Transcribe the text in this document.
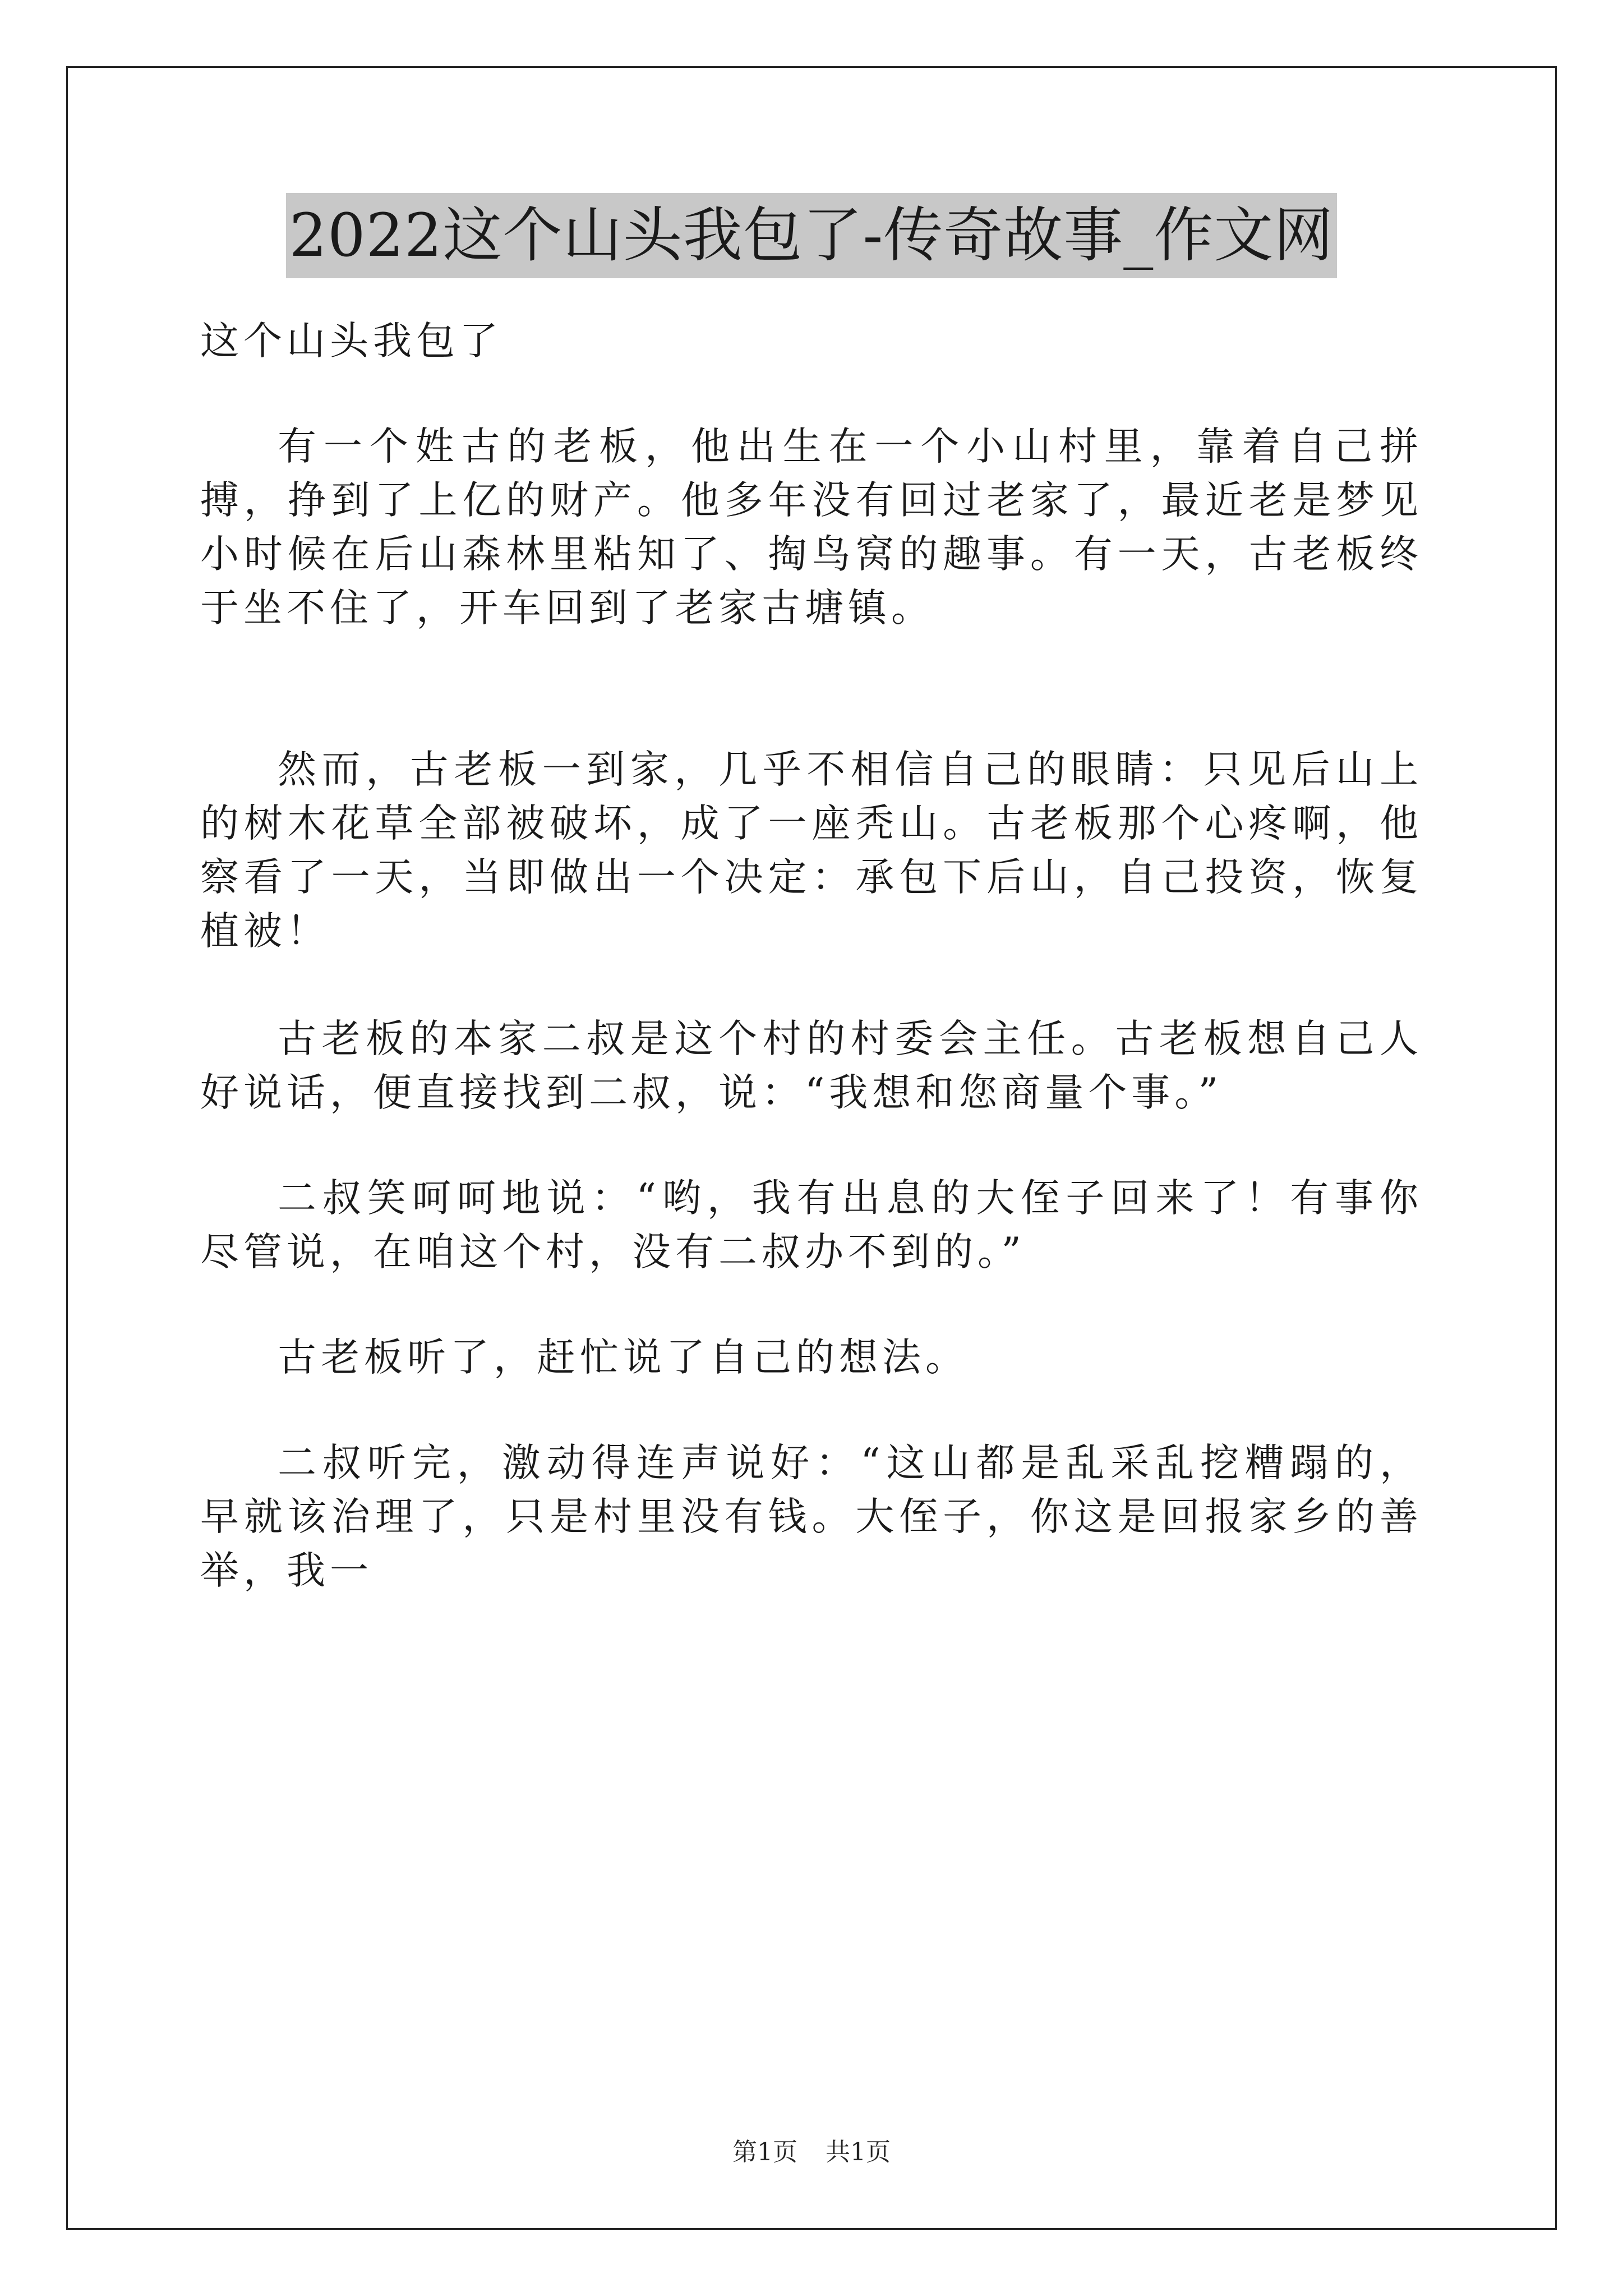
2022这个山头我包了-传奇故事_作文网
这个山头我包了
有一个姓古的老板，他出生在一个小山村里，靠着自己拼搏，挣到了上亿的财产。他多年没有回过老家了，最近老是梦见小时候在后山森林里粘知了、掏鸟窝的趣事。有一天，古老板终于坐不住了，开车回到了老家古塘镇。
然而，古老板一到家，几乎不相信自己的眼睛：只见后山上的树木花草全部被破坏，成了一座秃山。古老板那个心疼啊，他察看了一天，当即做出一个决定：承包下后山，自己投资，恢复植被！
古老板的本家二叔是这个村的村委会主任。古老板想自己人好说话，便直接找到二叔，说：“我想和您商量个事。”
二叔笑呵呵地说：“哟，我有出息的大侄子回来了！有事你尽管说，在咱这个村，没有二叔办不到的。”
古老板听了，赶忙说了自己的想法。
二叔听完，激动得连声说好：“这山都是乱采乱挖糟蹋的，早就该治理了，只是村里没有钱。大侄子，你这是回报家乡的善举，我一
第1页 共1页
